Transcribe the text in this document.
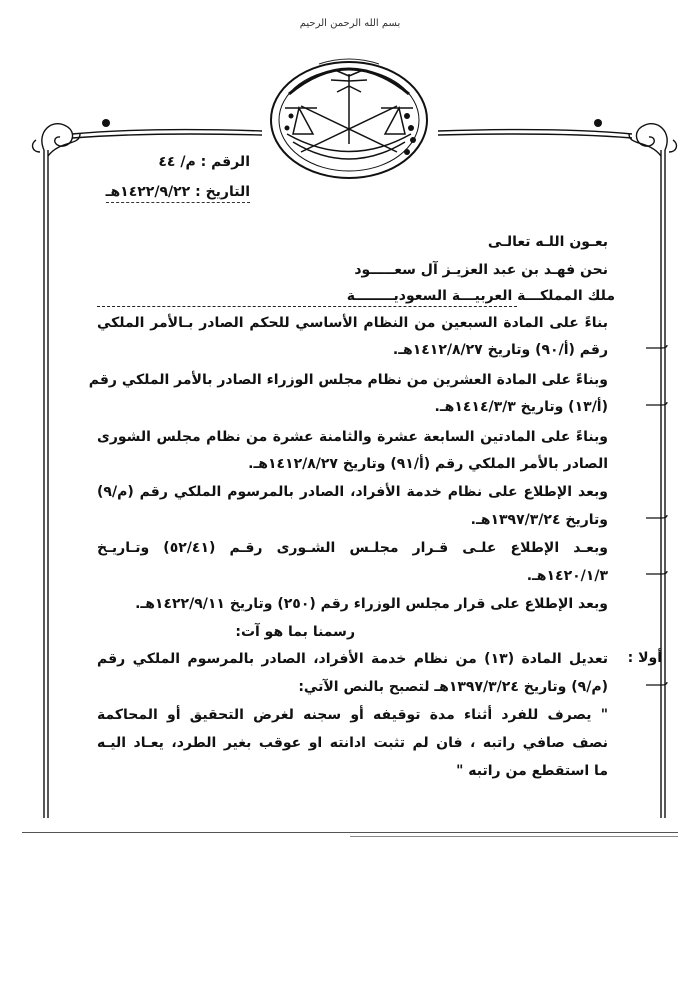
بسم الله الرحمن الرحيم
الرقم : م/ ٤٤
التاريخ : ١٤٢٢/٩/٢٢هـ
بعـون اللـه تعالـى
نحن فهـد بن عبد العزيـز آل سعـــــود
ملك المملكـــة العربيـــة السعوديــــــــة
بناءً على المادة السبعين من النظام الأساسي للحكم الصادر بـالأمر الملكي
رقم (أ/٩٠) وتاريخ ١٤١٢/٨/٢٧هـ.
وبناءً على المادة العشرين من نظام مجلس الوزراء الصادر بالأمر الملكي رقم
(أ/١٣) وتاريخ ١٤١٤/٣/٣هـ.
وبناءً على المادتين السابعة عشرة والثامنة عشرة من نظام مجلس الشورى
الصادر بالأمر الملكي رقم (أ/٩١) وتاريخ ١٤١٢/٨/٢٧هـ.
وبعد الإطلاع على نظام خدمة الأفراد، الصادر بالمرسوم الملكي رقم (م/٩)
وتاريخ ١٣٩٧/٣/٢٤هـ.
وبعـد الإطلاع علـى قـرار مجلـس الشـورى رقـم (٥٢/٤١) وتـاريـخ
١٤٢٠/١/٣هـ.
وبعد الإطلاع على قرار مجلس الوزراء رقم (٢٥٠) وتاريخ ١٤٢٢/٩/١١هـ.
رسمنا بما هو آت:
أولا :
تعديل المادة (١٣) من نظام خدمة الأفراد، الصادر بالمرسوم الملكي رقم
(م/٩) وتاريخ ١٣٩٧/٣/٢٤هـ لتصبح بالنص الآتي:
" يصرف للفرد أثناء مدة توقيفه أو سجنه لغرض التحقيق أو المحاكمة
نصف صافي راتبه ، فان لم تثبت ادانته او عوقب بغير الطرد، يعـاد اليـه
ما استقطع من راتبه "
